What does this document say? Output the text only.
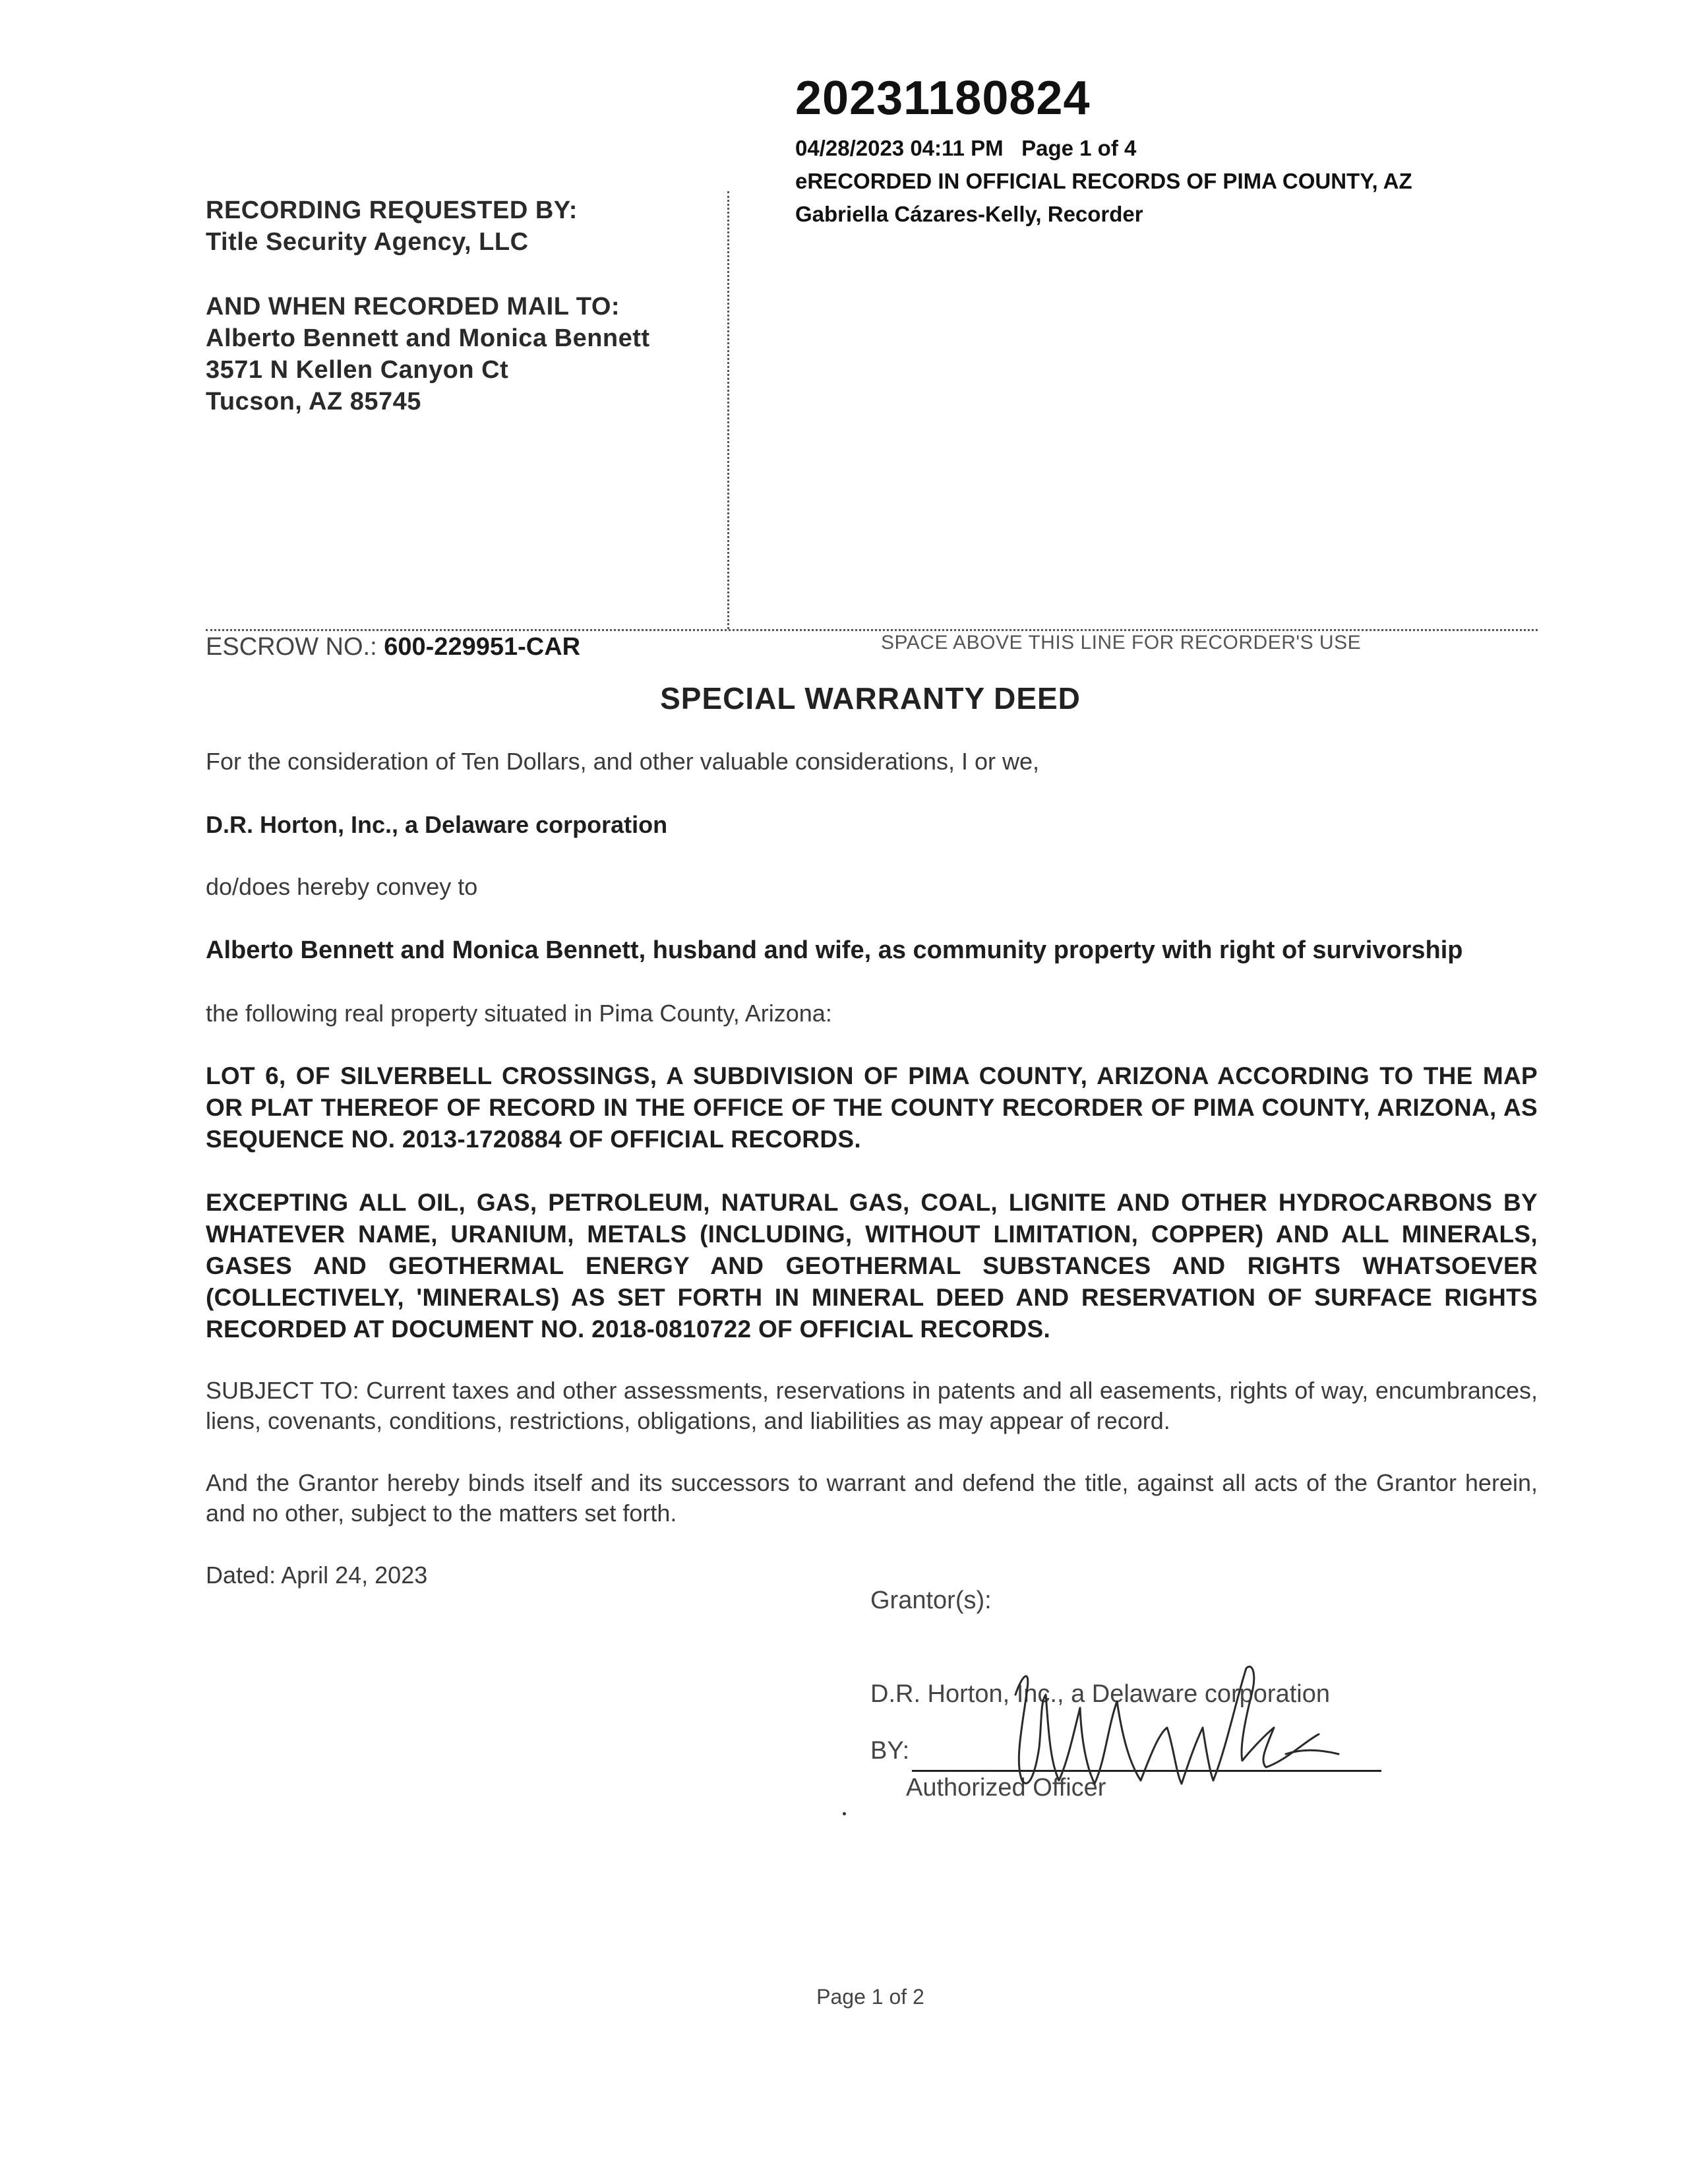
20231180824
04/28/2023 04:11 PM Page 1 of 4
eRECORDED IN OFFICIAL RECORDS OF PIMA COUNTY, AZ
Gabriella Cázares-Kelly, Recorder
RECORDING REQUESTED BY:
Title Security Agency, LLC
AND WHEN RECORDED MAIL TO:
Alberto Bennett and Monica Bennett
3571 N Kellen Canyon Ct
Tucson, AZ 85745
ESCROW NO.: 600-229951-CAR	SPACE ABOVE THIS LINE FOR RECORDER'S USE
SPECIAL WARRANTY DEED
For the consideration of Ten Dollars, and other valuable considerations, I or we,
D.R. Horton, Inc., a Delaware corporation
do/does hereby convey to
Alberto Bennett and Monica Bennett, husband and wife, as community property with right of survivorship
the following real property situated in Pima County, Arizona:
LOT 6, OF SILVERBELL CROSSINGS, A SUBDIVISION OF PIMA COUNTY, ARIZONA ACCORDING TO THE MAP OR PLAT THEREOF OF RECORD IN THE OFFICE OF THE COUNTY RECORDER OF PIMA COUNTY, ARIZONA, AS SEQUENCE NO. 2013-1720884 OF OFFICIAL RECORDS.
EXCEPTING ALL OIL, GAS, PETROLEUM, NATURAL GAS, COAL, LIGNITE AND OTHER HYDROCARBONS BY WHATEVER NAME, URANIUM, METALS (INCLUDING, WITHOUT LIMITATION, COPPER) AND ALL MINERALS, GASES AND GEOTHERMAL ENERGY AND GEOTHERMAL SUBSTANCES AND RIGHTS WHATSOEVER (COLLECTIVELY, 'MINERALS) AS SET FORTH IN MINERAL DEED AND RESERVATION OF SURFACE RIGHTS RECORDED AT DOCUMENT NO. 2018-0810722 OF OFFICIAL RECORDS.
SUBJECT TO: Current taxes and other assessments, reservations in patents and all easements, rights of way, encumbrances, liens, covenants, conditions, restrictions, obligations, and liabilities as may appear of record.
And the Grantor hereby binds itself and its successors to warrant and defend the title, against all acts of the Grantor herein, and no other, subject to the matters set forth.
Dated: April 24, 2023
Grantor(s):
D.R. Horton, Inc., a Delaware corporation
BY:
Authorized Officer
Page 1 of 2
